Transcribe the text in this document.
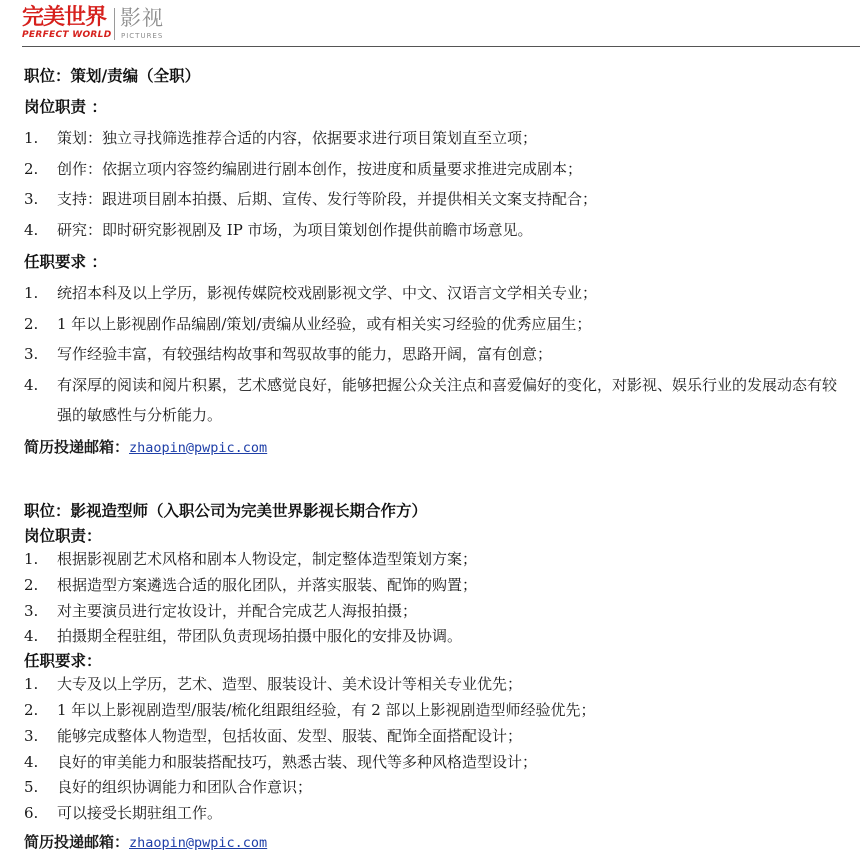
完美世界
PERFECT WORLD
影视
PICTURES
职位：策划/责编（全职）
岗位职责 ：
1.	策划：独立寻找筛选推荐合适的内容，依据要求进行项目策划直至立项；
2.	创作：依据立项内容签约编剧进行剧本创作，按进度和质量要求推进完成剧本；
3.	支持：跟进项目剧本拍摄、后期、宣传、发行等阶段，并提供相关文案支持配合；
4.	研究：即时研究影视剧及 IP 市场，为项目策划创作提供前瞻市场意见。
任职要求 ：
1.	统招本科及以上学历，影视传媒院校戏剧影视文学、中文、汉语言文学相关专业；
2.	1 年以上影视剧作品编剧/策划/责编从业经验，或有相关实习经验的优秀应届生；
3.	写作经验丰富，有较强结构故事和驾驭故事的能力，思路开阔，富有创意；
4.	有深厚的阅读和阅片积累，艺术感觉良好，能够把握公众关注点和喜爱偏好的变化，对影视、娱乐行业的发展动态有较强的敏感性与分析能力。
简历投递邮箱：zhaopin@pwpic.com
职位：影视造型师（入职公司为完美世界影视长期合作方）
岗位职责：
1.	根据影视剧艺术风格和剧本人物设定，制定整体造型策划方案；
2.	根据造型方案遴选合适的服化团队，并落实服装、配饰的购置；
3.	对主要演员进行定妆设计，并配合完成艺人海报拍摄；
4.	拍摄期全程驻组，带团队负责现场拍摄中服化的安排及协调。
任职要求：
1.	大专及以上学历，艺术、造型、服装设计、美术设计等相关专业优先；
2.	1 年以上影视剧造型/服装/梳化组跟组经验，有 2 部以上影视剧造型师经验优先；
3.	能够完成整体人物造型，包括妆面、发型、服装、配饰全面搭配设计；
4.	良好的审美能力和服装搭配技巧，熟悉古装、现代等多种风格造型设计；
5.	良好的组织协调能力和团队合作意识；
6.	可以接受长期驻组工作。
简历投递邮箱：zhaopin@pwpic.com
